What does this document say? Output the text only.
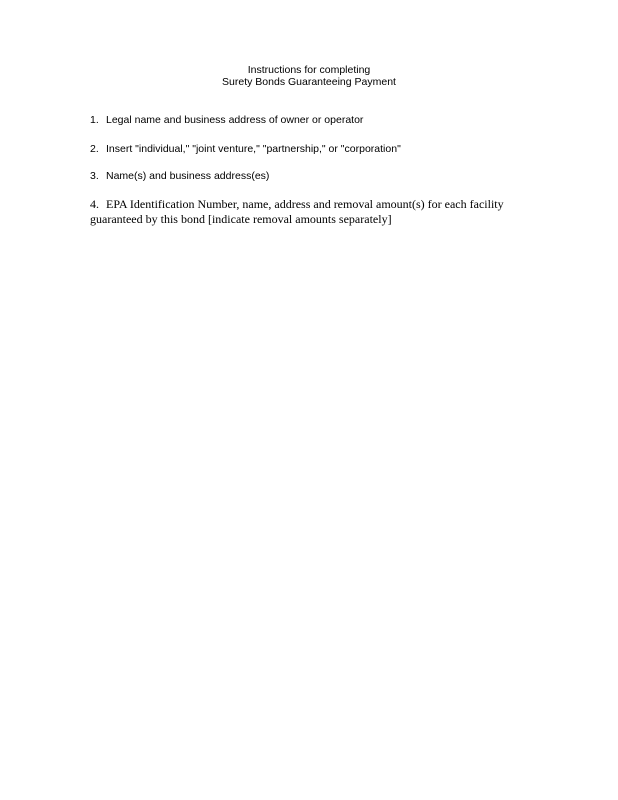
Instructions for completing
Surety Bonds Guaranteeing Payment
1. Legal name and business address of owner or operator
2. Insert "individual," "joint venture," "partnership," or "corporation"
3. Name(s) and business address(es)
4. EPA Identification Number, name, address and removal amount(s) for each facility
guaranteed by this bond [indicate removal amounts separately]
